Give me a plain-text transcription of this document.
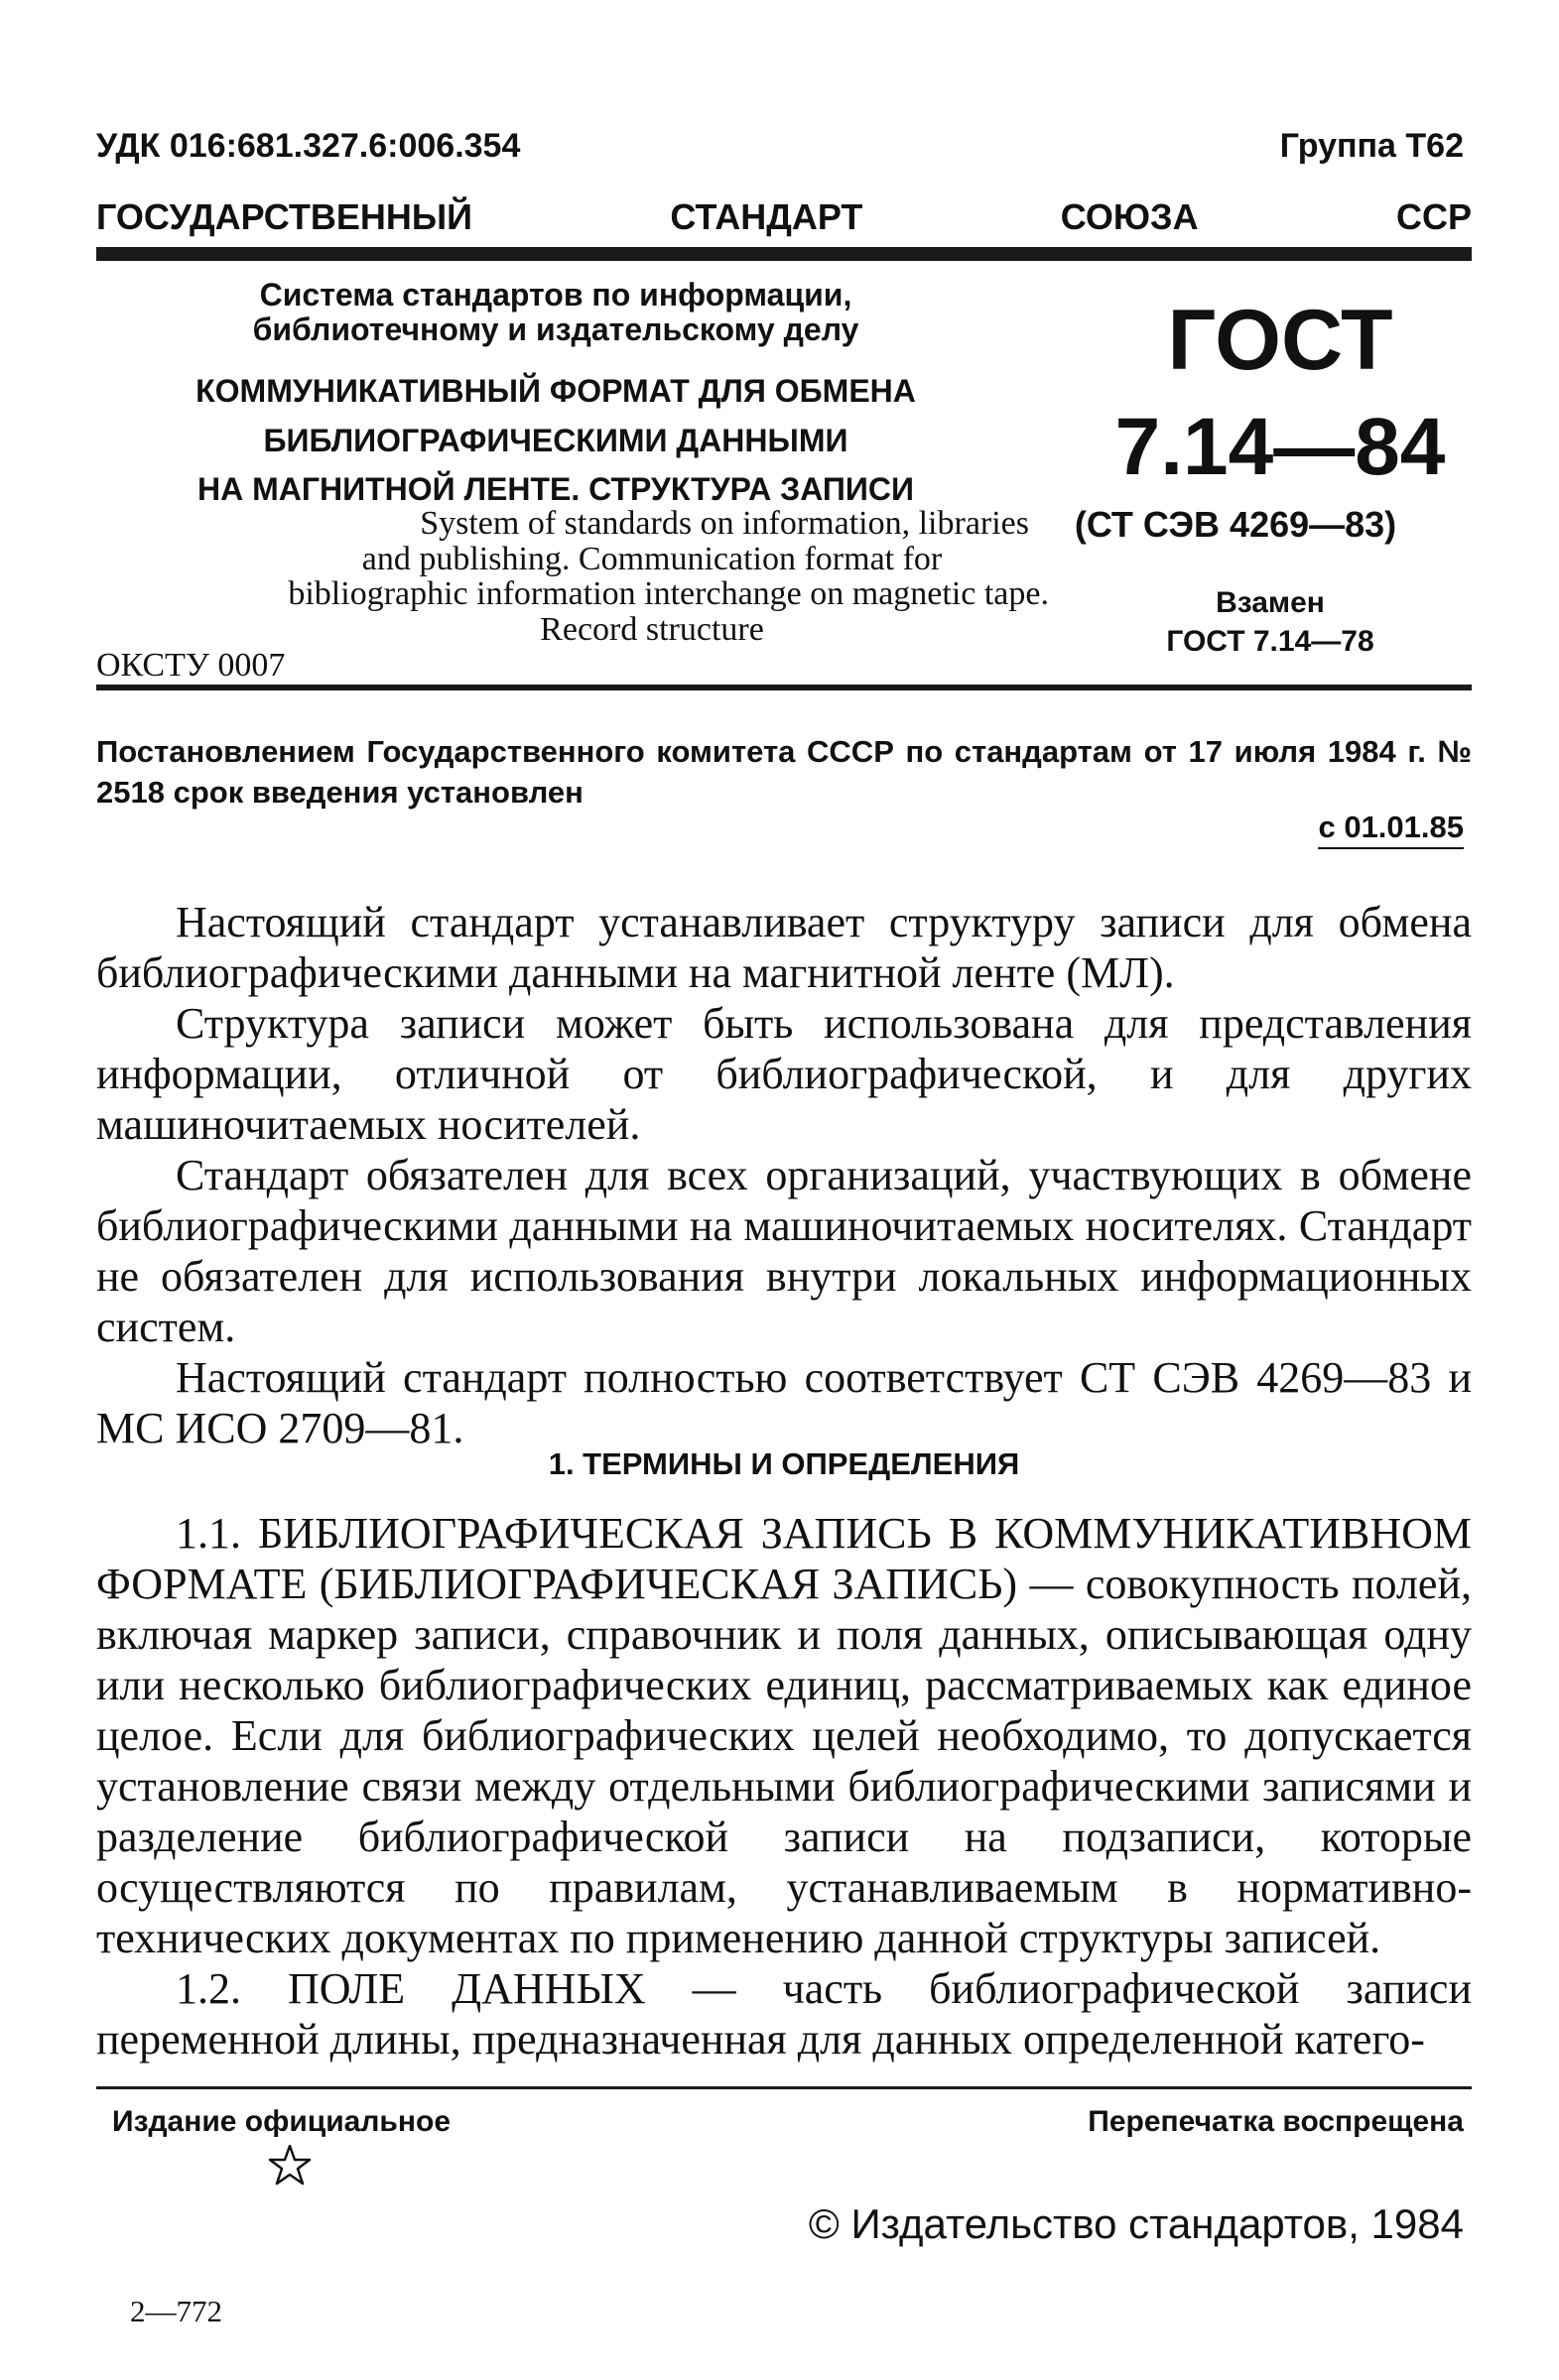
УДК 016:681.327.6:006.354	Группа Т62
ГОСУДАРСТВЕННЫЙ	СТАНДАРТ	СОЮЗА	ССР
Система стандартов по информации,
библиотечному и издательскому делу
КОММУНИКАТИВНЫЙ ФОРМАТ ДЛЯ ОБМЕНА
БИБЛИОГРАФИЧЕСКИМИ ДАННЫМИ
НА МАГНИТНОЙ ЛЕНТЕ. СТРУКТУРА ЗАПИСИ
System of standards on information, libraries
and publishing. Communication format for
bibliographic information interchange on magnetic tape.
Record structure
ОКСТУ 0007
ГОСТ
7.14—84
(СТ СЭВ 4269—83)
Взамен
ГОСТ 7.14—78
Постановлением Государственного комитета СССР по стандартам от 17 июля 1984 г. № 2518 срок введения установлен
с 01.01.85

Настоящий стандарт устанавливает структуру записи для обмена библиографическими данными на магнитной ленте (МЛ).

Структура записи может быть использована для представления информации, отличной от библиографической, и для других машиночитаемых носителей.

Стандарт обязателен для всех организаций, участвующих в обмене библиографическими данными на машиночитаемых носителях. Стандарт не обязателен для использования внутри локальных информационных систем.

Настоящий стандарт полностью соответствует СТ СЭВ 4269—83 и МС ИСО 2709—81.

1. ТЕРМИНЫ И ОПРЕДЕЛЕНИЯ

1.1. БИБЛИОГРАФИЧЕСКАЯ ЗАПИСЬ В КОММУНИКАТИВНОМ ФОРМАТЕ (БИБЛИОГРАФИЧЕСКАЯ ЗАПИСЬ) — совокупность полей, включая маркер записи, справочник и поля данных, описывающая одну или несколько библиографических единиц, рассматриваемых как единое целое. Если для библиографических целей необходимо, то допускается установление связи между отдельными библиографическими записями и разделение библиографической записи на подзаписи, которые осуществляются по правилам, устанавливаемым в нормативно-технических документах по применению данной структуры записей.

1.2. ПОЛЕ ДАННЫХ — часть библиографической записи переменной длины, предназначенная для данных определенной катего-

Издание официальное	Перепечатка воспрещена
© Издательство стандартов, 1984
2—772
